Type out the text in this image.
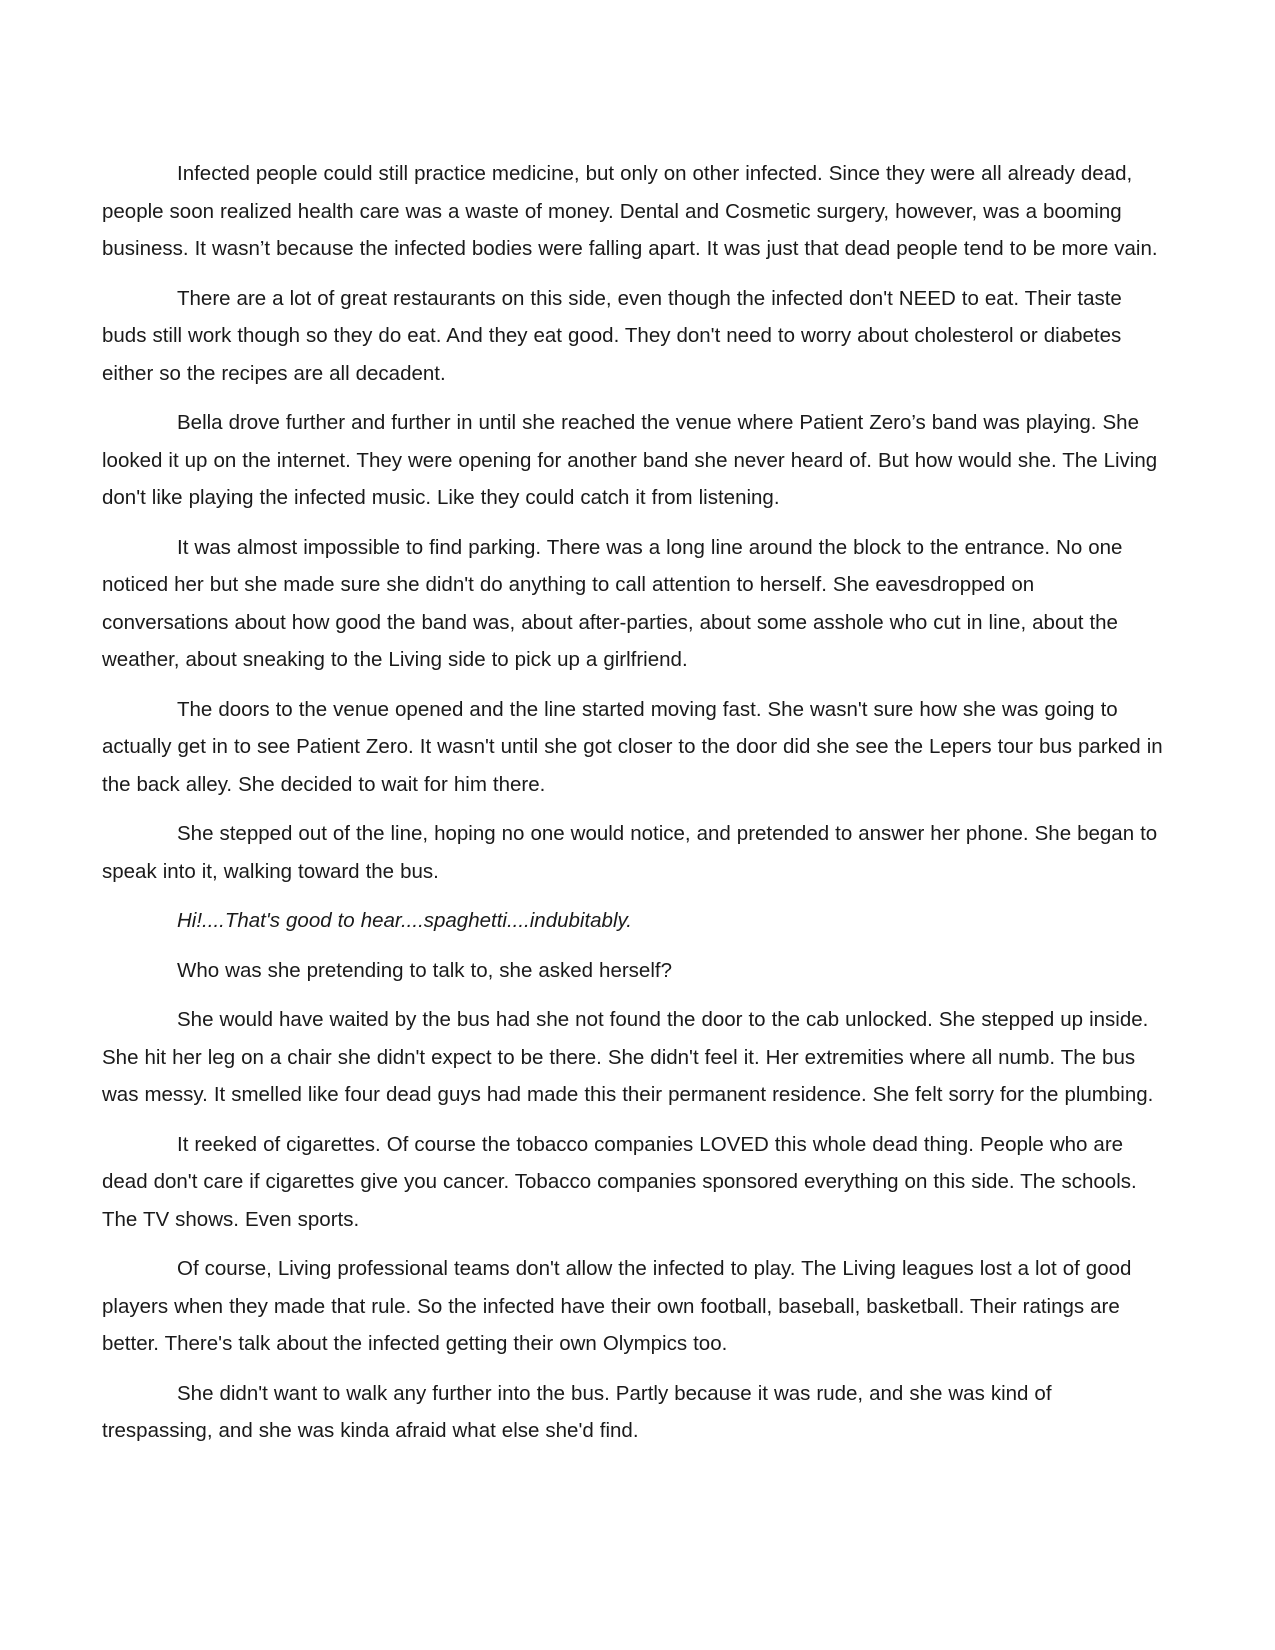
Infected people could still practice medicine, but only on other infected. Since they were all already dead, people soon realized health care was a waste of money. Dental and Cosmetic surgery, however, was a booming business. It wasn’t because the infected bodies were falling apart. It was just that dead people tend to be more vain.

There are a lot of great restaurants on this side, even though the infected don't NEED to eat. Their taste buds still work though so they do eat. And they eat good. They don't need to worry about cholesterol or diabetes either so the recipes are all decadent.

Bella drove further and further in until she reached the venue where Patient Zero’s band was playing. She looked it up on the internet. They were opening for another band she never heard of. But how would she. The Living don't like playing the infected music. Like they could catch it from listening.

It was almost impossible to find parking. There was a long line around the block to the entrance. No one noticed her but she made sure she didn't do anything to call attention to herself. She eavesdropped on conversations about how good the band was, about after-parties, about some asshole who cut in line, about the weather, about sneaking to the Living side to pick up a girlfriend.

The doors to the venue opened and the line started moving fast. She wasn't sure how she was going to actually get in to see Patient Zero. It wasn't until she got closer to the door did she see the Lepers tour bus parked in the back alley. She decided to wait for him there.

She stepped out of the line, hoping no one would notice, and pretended to answer her phone. She began to speak into it, walking toward the bus.

Hi!....That's good to hear....spaghetti....indubitably.

Who was she pretending to talk to, she asked herself?

She would have waited by the bus had she not found the door to the cab unlocked. She stepped up inside. She hit her leg on a chair she didn't expect to be there. She didn't feel it. Her extremities where all numb. The bus was messy. It smelled like four dead guys had made this their permanent residence. She felt sorry for the plumbing.

It reeked of cigarettes. Of course the tobacco companies LOVED this whole dead thing. People who are dead don't care if cigarettes give you cancer. Tobacco companies sponsored everything on this side. The schools. The TV shows. Even sports.

Of course, Living professional teams don't allow the infected to play. The Living leagues lost a lot of good players when they made that rule. So the infected have their own football, baseball, basketball. Their ratings are better. There's talk about the infected getting their own Olympics too.

She didn't want to walk any further into the bus. Partly because it was rude, and she was kind of trespassing, and she was kinda afraid what else she'd find.
